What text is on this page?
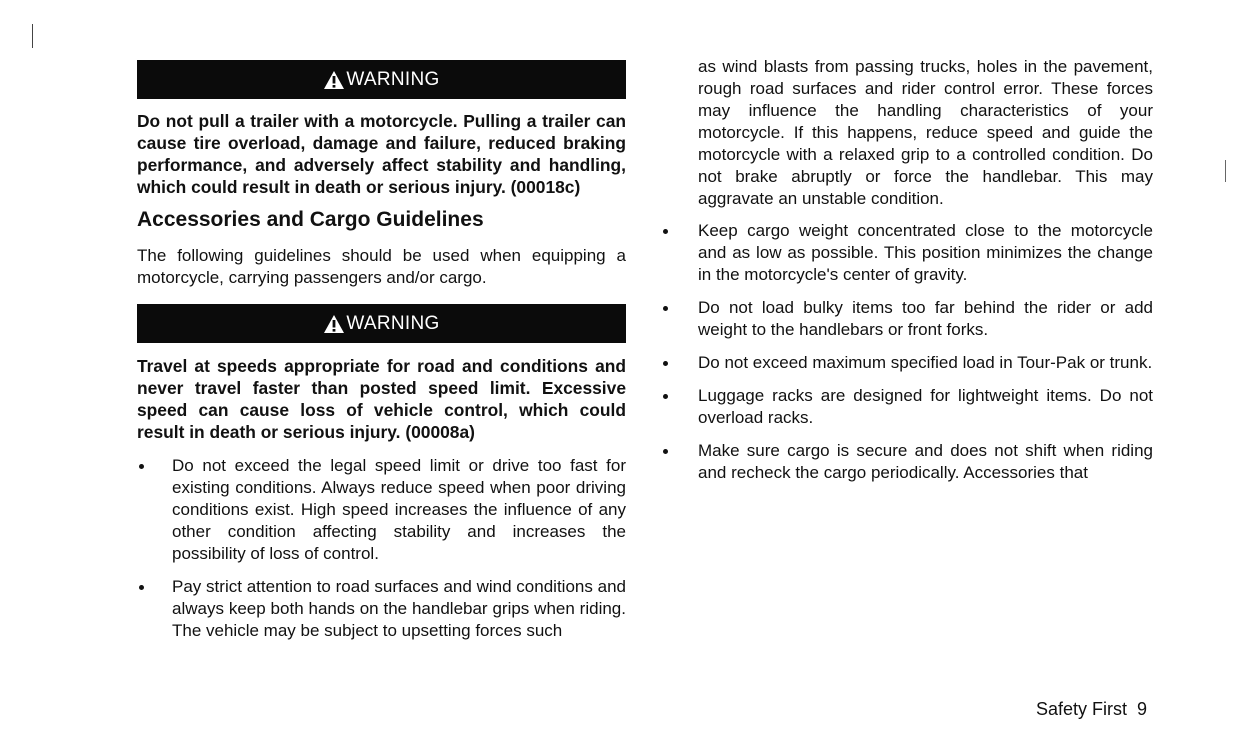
WARNING

Do not pull a trailer with a motorcycle. Pulling a trailer can cause tire overload, damage and failure, reduced braking performance, and adversely affect stability and handling, which could result in death or serious injury. (00018c)

Accessories and Cargo Guidelines

The following guidelines should be used when equipping a motorcycle, carrying passengers and/or cargo.

WARNING

Travel at speeds appropriate for road and conditions and never travel faster than posted speed limit. Excessive speed can cause loss of vehicle control, which could result in death or serious injury. (00008a)

Do not exceed the legal speed limit or drive too fast for existing conditions. Always reduce speed when poor driving conditions exist. High speed increases the influence of any other condition affecting stability and increases the possibility of loss of control.
Pay strict attention to road surfaces and wind conditions and always keep both hands on the handlebar grips when riding. The vehicle may be subject to upsetting forces such

as wind blasts from passing trucks, holes in the pavement, rough road surfaces and rider control error. These forces may influence the handling characteristics of your motorcycle. If this happens, reduce speed and guide the motorcycle with a relaxed grip to a controlled condition. Do not brake abruptly or force the handlebar. This may aggravate an unstable condition.

Keep cargo weight concentrated close to the motorcycle and as low as possible. This position minimizes the change in the motorcycle's center of gravity.
Do not load bulky items too far behind the rider or add weight to the handlebars or front forks.
Do not exceed maximum specified load in Tour-Pak or trunk.
Luggage racks are designed for lightweight items. Do not overload racks.
Make sure cargo is secure and does not shift when riding and recheck the cargo periodically. Accessories that
Safety First 9
